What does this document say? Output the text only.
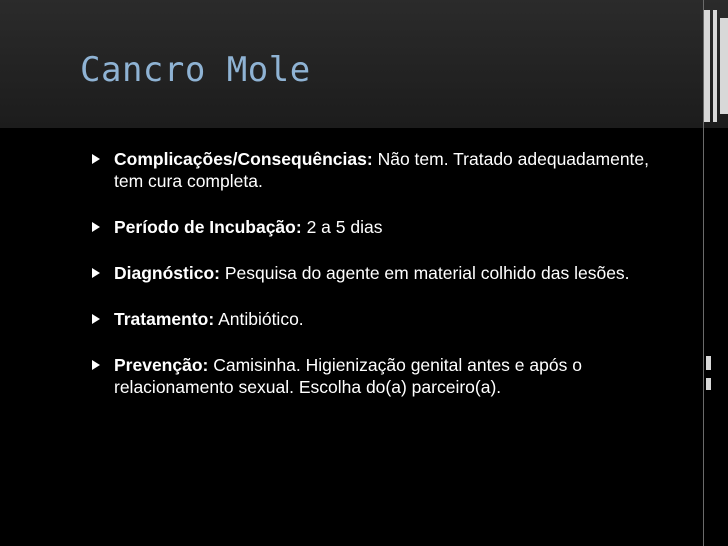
Cancro Mole
Complicações/Consequências: Não tem. Tratado adequadamente, tem cura completa.
Período de Incubação: 2 a 5 dias
Diagnóstico: Pesquisa do agente em material colhido das lesões.
Tratamento: Antibiótico.
Prevenção: Camisinha. Higienização genital antes e após o relacionamento sexual. Escolha do(a) parceiro(a).
